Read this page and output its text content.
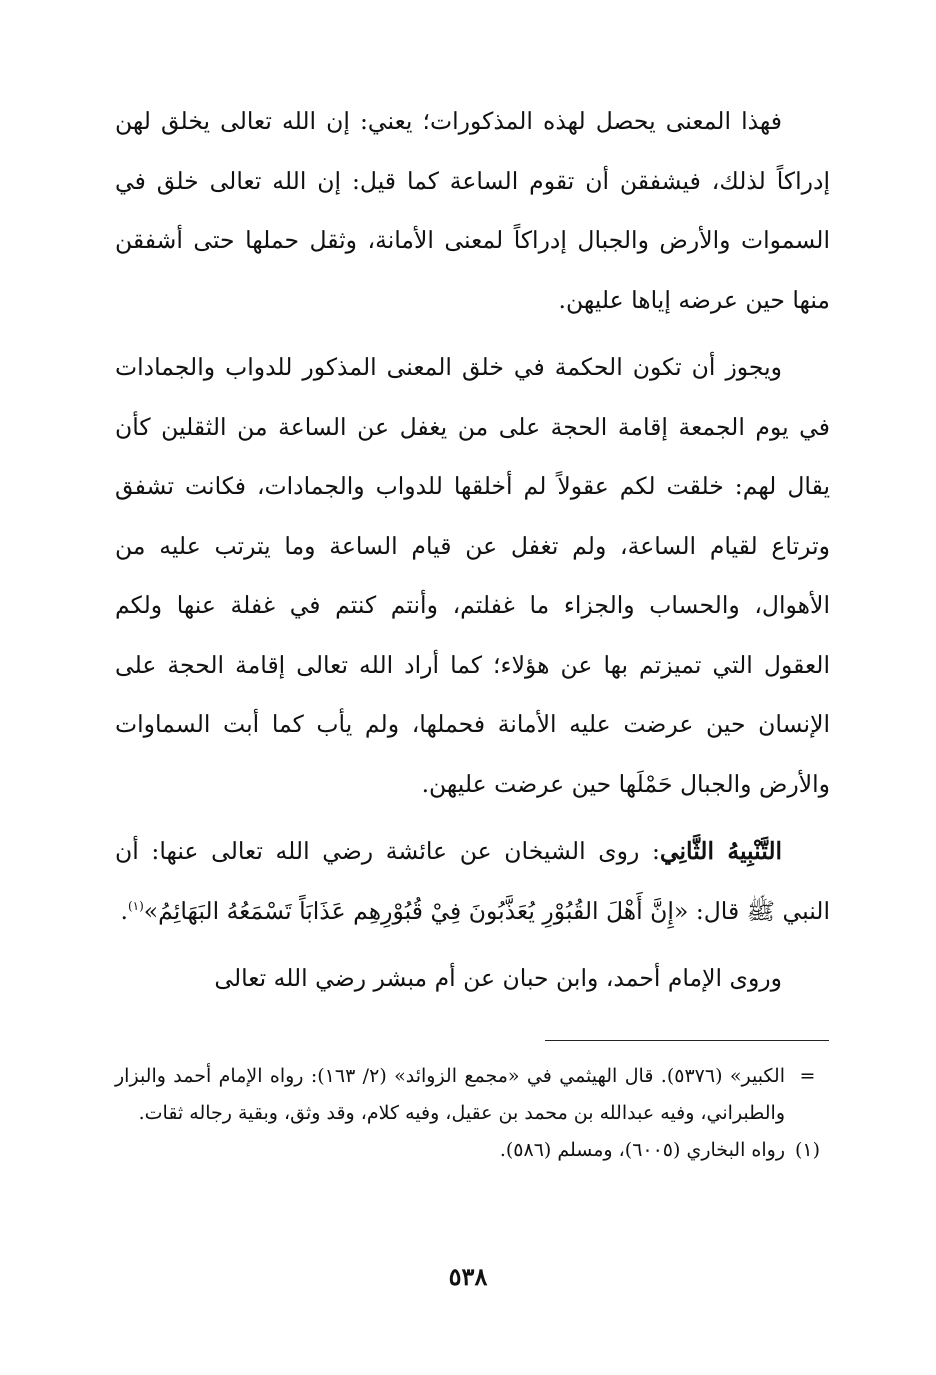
فهذا المعنى يحصل لهذه المذكورات؛ يعني: إن الله تعالى يخلق لهن إدراكاً لذلك، فيشفقن أن تقوم الساعة كما قيل: إن الله تعالى خلق في السموات والأرض والجبال إدراكاً لمعنى الأمانة، وثقل حملها حتى أشفقن منها حين عرضه إياها عليهن.

ويجوز أن تكون الحكمة في خلق المعنى المذكور للدواب والجمادات في يوم الجمعة إقامة الحجة على من يغفل عن الساعة من الثقلين كأن يقال لهم: خلقت لكم عقولاً لم أخلقها للدواب والجمادات، فكانت تشفق وترتاع لقيام الساعة، ولم تغفل عن قيام الساعة وما يترتب عليه من الأهوال، والحساب والجزاء ما غفلتم، وأنتم كنتم في غفلة عنها ولكم العقول التي تميزتم بها عن هؤلاء؛ كما أراد الله تعالى إقامة الحجة على الإنسان حين عرضت عليه الأمانة فحملها، ولم يأب كما أبت السماوات والأرض والجبال حَمْلَها حين عرضت عليهن.

التَّنْبِيهُ الثَّانِي: روى الشيخان عن عائشة رضي الله تعالى عنها: أن النبي ﷺ قال: «إِنَّ أَهْلَ القُبُوْرِ يُعَذَّبُونَ فِيْ قُبُوْرِهِم عَذَابَاً تَسْمَعُهُ البَهَائِمُ»$^{(١)}$.

وروى الإمام أحمد، وابن حبان عن أم مبشر رضي الله تعالى

=
الكبير» (٥٣٧٦). قال الهيثمي في «مجمع الزوائد» (٢/ ١٦٣): رواه الإمام أحمد والبزار والطبراني، وفيه عبدالله بن محمد بن عقيل، وفيه كلام، وقد وثق، وبقية رجاله ثقات.
(١)
رواه البخاري (٦٠٠٥)، ومسلم (٥٨٦).
٥٣٨
